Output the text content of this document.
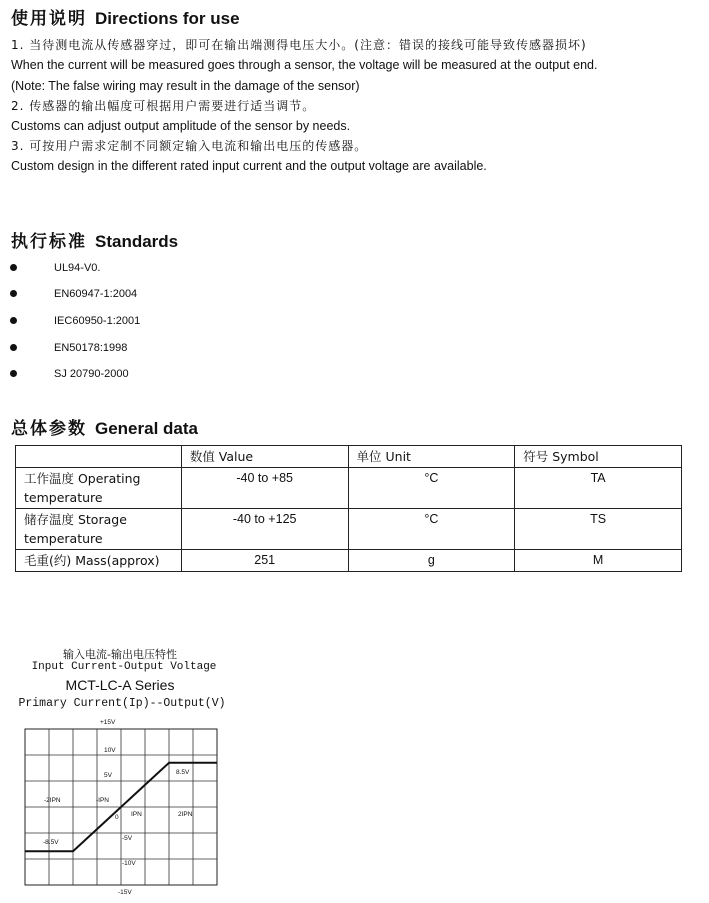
使用说明 Directions for use
1. 当待测电流从传感器穿过，即可在输出端测得电压大小。(注意：错误的接线可能导致传感器损坏)
When the current will be measured goes through a sensor, the voltage will be measured at the output end.
(Note: The false wiring may result in the damage of the sensor)
2. 传感器的输出幅度可根据用户需要进行适当调节。
Customs can adjust output amplitude of the sensor by needs.
3. 可按用户需求定制不同额定输入电流和输出电压的传感器。
Custom design in the different rated input current and the output voltage are available.
执行标准 Standards
UL94-V0.
EN60947-1:2004
IEC60950-1:2001
EN50178:1998
SJ 20790-2000
总体参数 General data
	数值 Value	单位 Unit	符号 Symbol
工作温度 Operating temperature	-40 to +85	°C	TA
储存温度 Storage temperature	-40 to +125	°C	TS
毛重(约) Mass(approx)	251	g	M
输入电流-输出电压特性
Input Current-Output Voltage
MCT-LC-A Series
Primary Current(Ip)--Output(V)
+15V
-15V
10V
5V
-5V
-10V
8.5V
-8.5V
-2IPN	-IPN
IPN	2IPN
0
